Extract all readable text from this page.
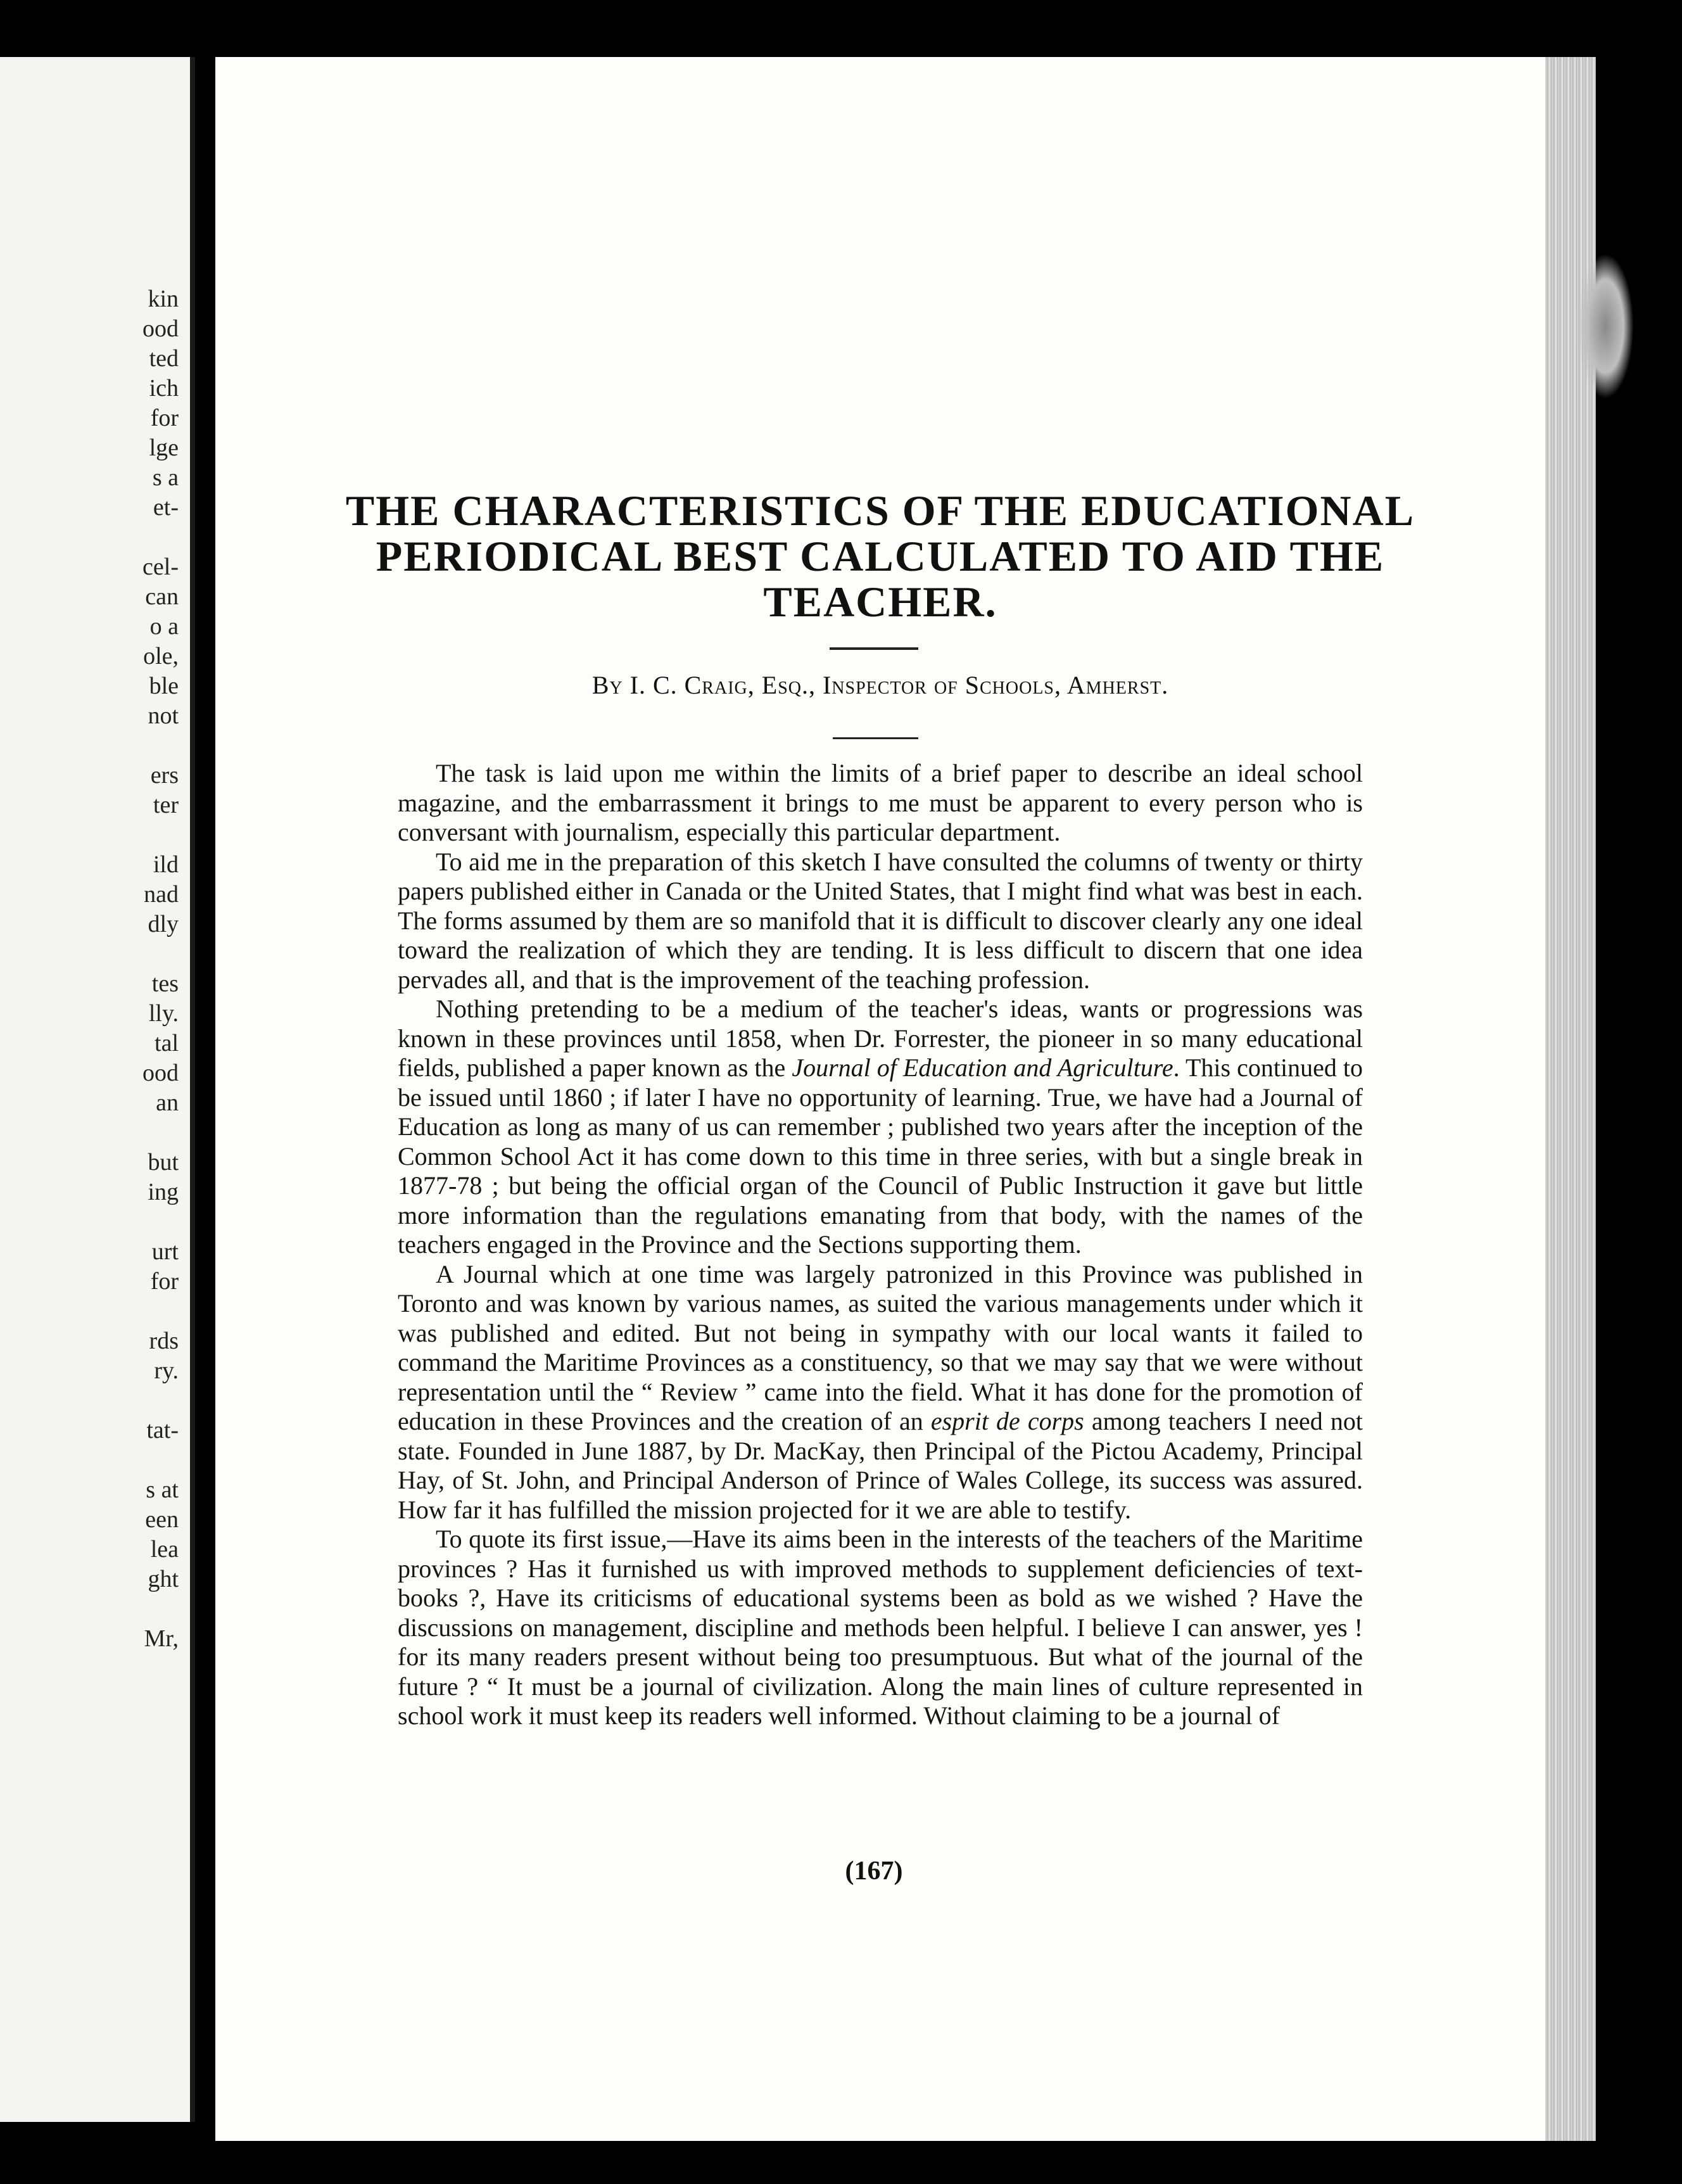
kin
ood
ted
ich
for
lge
s a
et-
cel-
can
o a
ole,
ble
not
ers
ter
ild
nad
dly
tes
lly.
tal
ood
an
but
ing
urt
for
rds
ry.
tat-
s at
een
lea
ght
Mr,
THE CHARACTERISTICS OF THE EDUCATIONAL PERIODICAL BEST CALCULATED TO AID THE TEACHER.
By I. C. Craig, Esq., Inspector of Schools, Amherst.

The task is laid upon me within the limits of a brief paper to describe an ideal school magazine, and the embarrassment it brings to me must be apparent to every person who is conversant with journalism, especially this particular department.

To aid me in the preparation of this sketch I have consulted the columns of twenty or thirty papers published either in Canada or the United States, that I might find what was best in each. The forms assumed by them are so manifold that it is difficult to discover clearly any one ideal toward the realization of which they are tending. It is less difficult to discern that one idea pervades all, and that is the improvement of the teaching profession.

Nothing pretending to be a medium of the teacher's ideas, wants or progressions was known in these provinces until 1858, when Dr. Forrester, the pioneer in so many educational fields, published a paper known as the Journal of Education and Agriculture. This continued to be issued until 1860 ; if later I have no opportunity of learning. True, we have had a Journal of Education as long as many of us can remember ; published two years after the inception of the Common School Act it has come down to this time in three series, with but a single break in 1877-78 ; but being the official organ of the Council of Public Instruction it gave but little more information than the regulations emanating from that body, with the names of the teachers engaged in the Province and the Sections supporting them.

A Journal which at one time was largely patronized in this Province was published in Toronto and was known by various names, as suited the various managements under which it was published and edited. But not being in sympathy with our local wants it failed to command the Maritime Provinces as a constituency, so that we may say that we were without representation until the “ Review ” came into the field. What it has done for the promotion of education in these Provinces and the creation of an esprit de corps among teachers I need not state. Founded in June 1887, by Dr. MacKay, then Principal of the Pictou Academy, Principal Hay, of St. John, and Principal Anderson of Prince of Wales College, its success was assured. How far it has fulfilled the mission projected for it we are able to testify.

To quote its first issue,—Have its aims been in the interests of the teachers of the Maritime provinces ? Has it furnished us with improved methods to supplement deficiencies of text-books ?, Have its criticisms of educational systems been as bold as we wished ? Have the discussions on management, discipline and methods been helpful. I believe I can answer, yes ! for its many readers present without being too presumptuous. But what of the journal of the future ? “ It must be a journal of civilization. Along the main lines of culture represented in school work it must keep its readers well informed. Without claiming to be a journal of

(167)
